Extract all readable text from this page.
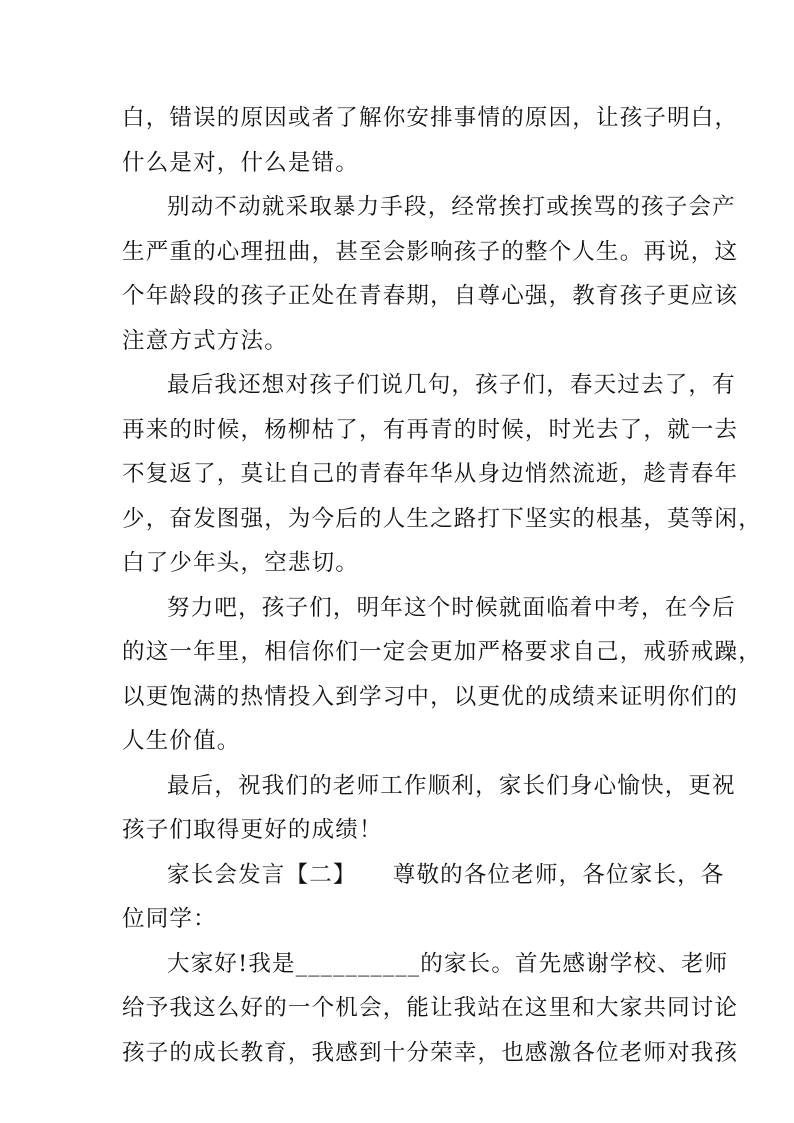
白，错误的原因或者了解你安排事情的原因，让孩子明白，
什么是对，什么是错。
别动不动就采取暴力手段，经常挨打或挨骂的孩子会产
生严重的心理扭曲，甚至会影响孩子的整个人生。再说，这
个年龄段的孩子正处在青春期，自尊心强，教育孩子更应该
注意方式方法。
最后我还想对孩子们说几句，孩子们，春天过去了，有
再来的时候，杨柳枯了，有再青的时候，时光去了，就一去
不复返了，莫让自己的青春年华从身边悄然流逝，趁青春年
少，奋发图强，为今后的人生之路打下坚实的根基，莫等闲，
白了少年头，空悲切。
努力吧，孩子们，明年这个时候就面临着中考，在今后
的这一年里，相信你们一定会更加严格要求自己，戒骄戒躁，
以更饱满的热情投入到学习中，以更优的成绩来证明你们的
人生价值。
最后，祝我们的老师工作顺利，家长们身心愉快，更祝
孩子们取得更好的成绩！
家长会发言【二】　　尊敬的各位老师，各位家长，各
位同学：
大家好!我是__________的家长。首先感谢学校、老师
给予我这么好的一个机会，能让我站在这里和大家共同讨论
孩子的成长教育，我感到十分荣幸，也感激各位老师对我孩
